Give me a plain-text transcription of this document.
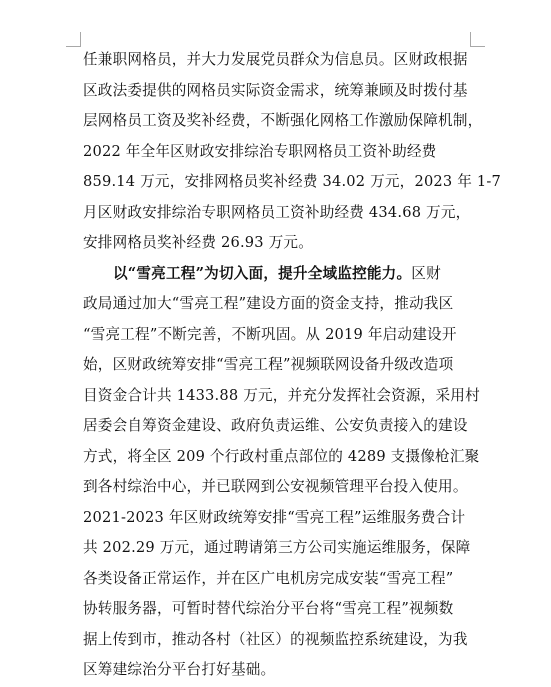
任兼职网格员，并大力发展党员群众为信息员。区财政根据
区政法委提供的网格员实际资金需求，统筹兼顾及时拨付基
层网格员工资及奖补经费，不断强化网格工作激励保障机制，
2022 年全年区财政安排综治专职网格员工资补助经费
859.14 万元，安排网格员奖补经费 34.02 万元，2023 年 1-7
月区财政安排综治专职网格员工资补助经费 434.68 万元，
安排网格员奖补经费 26.93 万元。
以“雪亮工程”为切入面，提升全域监控能力。区财
政局通过加大“雪亮工程”建设方面的资金支持，推动我区
“雪亮工程”不断完善，不断巩固。从 2019 年启动建设开
始，区财政统筹安排“雪亮工程”视频联网设备升级改造项
目资金合计共 1433.88 万元，并充分发挥社会资源，采用村
居委会自筹资金建设、政府负责运维、公安负责接入的建设
方式，将全区 209 个行政村重点部位的 4289 支摄像枪汇聚
到各村综治中心，并已联网到公安视频管理平台投入使用。
2021-2023 年区财政统筹安排“雪亮工程”运维服务费合计
共 202.29 万元，通过聘请第三方公司实施运维服务，保障
各类设备正常运作，并在区广电机房完成安装“雪亮工程”
协转服务器，可暂时替代综治分平台将“雪亮工程”视频数
据上传到市，推动各村（社区）的视频监控系统建设，为我
区筹建综治分平台打好基础。
